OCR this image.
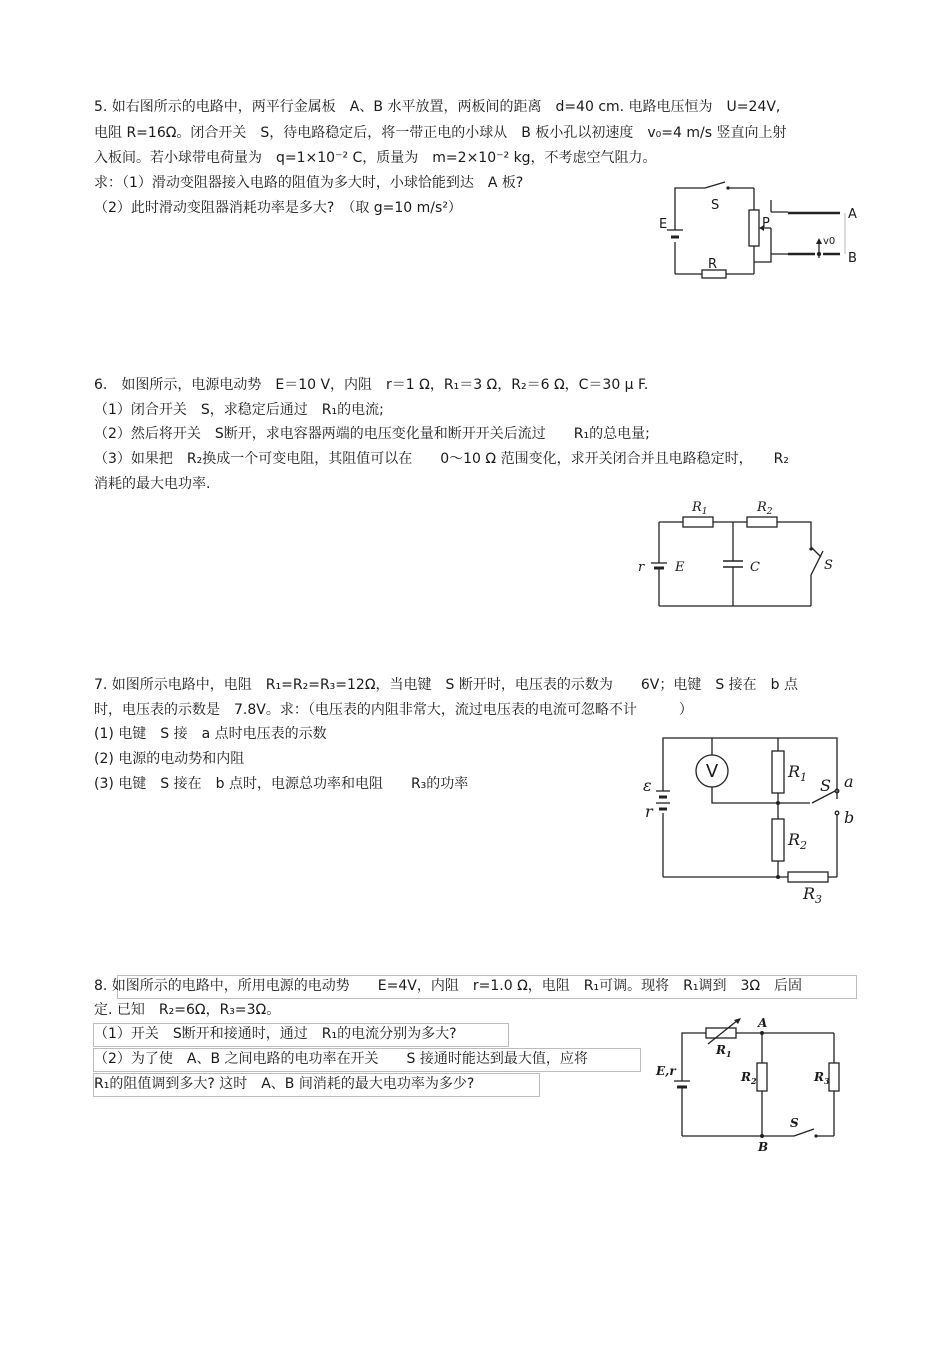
5. 如右图所示的电路中，两平行金属板　A、B 水平放置，两板间的距离　d=40 cm. 电路电压恒为　U=24V,
电阻 R=16Ω。闭合开关　S，待电路稳定后，将一带正电的小球从　B 板小孔以初速度　v₀=4 m/s 竖直向上射
入板间。若小球带电荷量为　q=1×10⁻² C，质量为　m=2×10⁻² kg，不考虑空气阻力。
求：（1）滑动变阻器接入电路的阻值为多大时，小球恰能到达　A 板?
（2）此时滑动变阻器消耗功率是多大?　（取 g=10 m/s²）
E
S
P
A
B
R
v0
6.　如图所示，电源电动势　E＝10 V，内阻　r＝1 Ω，R₁＝3 Ω，R₂＝6 Ω，C＝30 μ F.
（1）闭合开关　S，求稳定后通过　R₁的电流;
（2）然后将开关　S断开，求电容器两端的电压变化量和断开开关后流过　　R₁的总电量;
（3）如果把　R₂换成一个可变电阻，其阻值可以在　　0～10 Ω 范围变化，求开关闭合并且电路稳定时，　　R₂
消耗的最大电功率.
$R_1$	$R_2$
r E	C	S
7. 如图所示电路中，电阻　R₁=R₂=R₃=12Ω，当电键　S 断开时，电压表的示数为　　6V；电键　S 接在　b 点
时，电压表的示数是　7.8V。求：（电压表的内阻非常大，流过电压表的电流可忽略不计　　　）
(1) 电键　S 接　a 点时电压表的示数
(2) 电源的电动势和内阻
(3) 电键　S 接在　b 点时，电源总功率和电阻　　R₃的功率	ε
r
V	$R_1$
$R_2$
$R_3$
S a
b
8. 如图所示的电路中，所用电源的电动势　　E=4V，内阻　r=1.0 Ω，电阻　R₁可调。现将　R₁调到　3Ω　后固
定. 已知　R₂=6Ω，R₃=3Ω。
（1）开关　S断开和接通时，通过　R₁的电流分别为多大?
（2）为了使　A、B 之间电路的电功率在开关　　S 接通时能达到最大值，应将
R₁的阻值调到多大? 这时　A、B 间消耗的最大电功率为多少?
E,r
$R_1$
$R_2$	$R_3$
A
B
S
